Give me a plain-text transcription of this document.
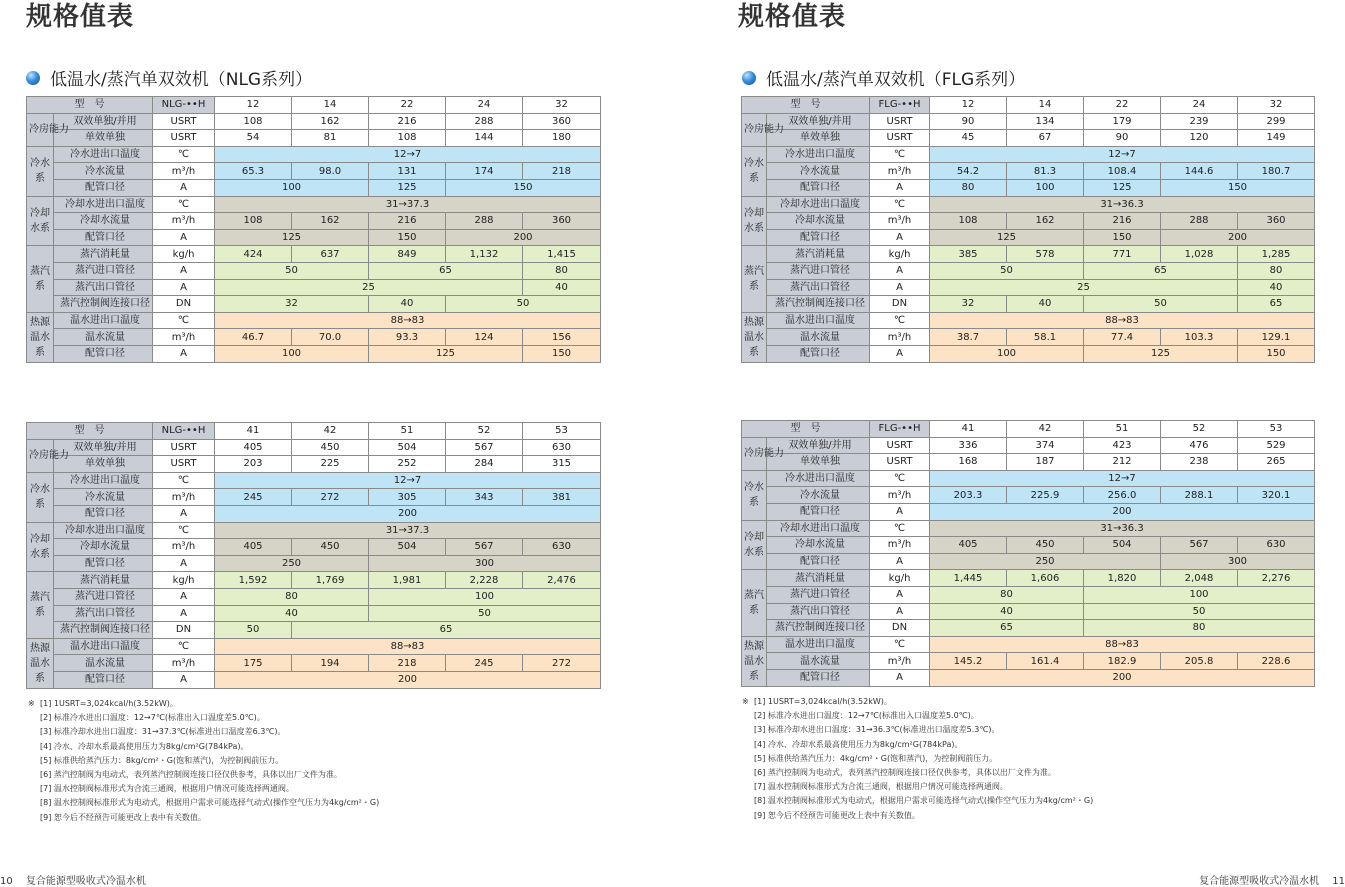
规格值表
低温水/蒸汽单双效机（NLG系列）
型　号		NLG-••H	12	14	22	24	32
冷房能力	双效单独/并用	USRT	108	162	216	288	360
	单效单独	USRT	54	81	108	144	180
冷水系	冷水进出口温度	℃	12→7				
	冷水流量	m³/h	65.3	98.0	131	174	218
	配管口径	A	100		125	150	
冷却水系	冷却水进出口温度	℃	31→37.3				
	冷却水流量	m³/h	108	162	216	288	360
	配管口径	A	125		150	200	
蒸汽系	蒸汽消耗量	kg/h	424	637	849	1,132	1,415
	蒸汽进口管径	A	50		65		80
	蒸汽出口管径	A	25				40
	蒸汽控制阀连接口径	DN	32		40	50	
热源温水系	温水进出口温度	℃	88→83				
	温水流量	m³/h	46.7	70.0	93.3	124	156
	配管口径	A	100		125		150
型　号		NLG-••H	41	42	51	52	53
冷房能力	双效单独/并用	USRT	405	450	504	567	630
	单效单独	USRT	203	225	252	284	315
冷水系	冷水进出口温度	℃	12→7				
	冷水流量	m³/h	245	272	305	343	381
	配管口径	A	200				
冷却水系	冷却水进出口温度	℃	31→37.3				
	冷却水流量	m³/h	405	450	504	567	630
	配管口径	A	250		300		
蒸汽系	蒸汽消耗量	kg/h	1,592	1,769	1,981	2,228	2,476
	蒸汽进口管径	A	80		100		
	蒸汽出口管径	A	40		50		
	蒸汽控制阀连接口径	DN	50	65			
热源温水系	温水进出口温度	℃	88→83				
	温水流量	m³/h	175	194	218	245	272
	配管口径	A	200				
※ [1] 1USRT=3,024kcal/h(3.52kW)。
[2] 标准冷水进出口温度：12→7℃(标准出入口温度差5.0℃)。
[3] 标准冷却水进出口温度：31→37.3℃(标准进出口温度差6.3℃)。
[4] 冷水、冷却水系最高使用压力为8kg/cm²G(784kPa)。
[5] 标准供给蒸汽压力：8kg/cm²・G(饱和蒸汽)，为控制阀前压力。
[6] 蒸汽控制阀为电动式，表列蒸汽控制阀连接口径仅供参考，具体以出厂文件为准。
[7] 温水控制阀标准形式为合流三通阀，根据用户情况可能选择两通阀。
[8] 温水控制阀标准形式为电动式，根据用户需求可能选择气动式(操作空气压力为4kg/cm²・G)
[9] 恕今后不经预告可能更改上表中有关数值。
10 复合能源型吸收式冷温水机
规格值表
低温水/蒸汽单双效机（FLG系列）
型　号		FLG-••H	12	14	22	24	32
冷房能力	双效单独/并用	USRT	90	134	179	239	299
	单效单独	USRT	45	67	90	120	149
冷水系	冷水进出口温度	℃	12→7				
	冷水流量	m³/h	54.2	81.3	108.4	144.6	180.7
	配管口径	A	80	100	125	150	
冷却水系	冷却水进出口温度	℃	31→36.3				
	冷却水流量	m³/h	108	162	216	288	360
	配管口径	A	125		150	200	
蒸汽系	蒸汽消耗量	kg/h	385	578	771	1,028	1,285
	蒸汽进口管径	A	50		65		80
	蒸汽出口管径	A	25				40
	蒸汽控制阀连接口径	DN	32	40	50		65
热源温水系	温水进出口温度	℃	88→83				
	温水流量	m³/h	38.7	58.1	77.4	103.3	129.1
	配管口径	A	100		125		150
型　号		FLG-••H	41	42	51	52	53
冷房能力	双效单独/并用	USRT	336	374	423	476	529
	单效单独	USRT	168	187	212	238	265
冷水系	冷水进出口温度	℃	12→7				
	冷水流量	m³/h	203.3	225.9	256.0	288.1	320.1
	配管口径	A	200				
冷却水系	冷却水进出口温度	℃	31→36.3				
	冷却水流量	m³/h	405	450	504	567	630
	配管口径	A	250			300	
蒸汽系	蒸汽消耗量	kg/h	1,445	1,606	1,820	2,048	2,276
	蒸汽进口管径	A	80		100		
	蒸汽出口管径	A	40		50		
	蒸汽控制阀连接口径	DN	65		80		
热源温水系	温水进出口温度	℃	88→83				
	温水流量	m³/h	145.2	161.4	182.9	205.8	228.6
	配管口径	A	200				
※ [1] 1USRT=3,024kcal/h(3.52kW)。
[2] 标准冷水进出口温度：12→7℃(标准出入口温度差5.0℃)。
[3] 标准冷却水进出口温度：31→36.3℃(标准进出口温度差5.3℃)。
[4] 冷水、冷却水系最高使用压力为8kg/cm²G(784kPa)。
[5] 标准供给蒸汽压力：4kg/cm²・G(饱和蒸汽)，为控制阀前压力。
[6] 蒸汽控制阀为电动式，表列蒸汽控制阀连接口径仅供参考，具体以出厂文件为准。
[7] 温水控制阀标准形式为合流三通阀，根据用户情况可能选择两通阀。
[8] 温水控制阀标准形式为电动式，根据用户需求可能选择气动式(操作空气压力为4kg/cm²・G)
[9] 恕今后不经预告可能更改上表中有关数值。
复合能源型吸收式冷温水机 11
